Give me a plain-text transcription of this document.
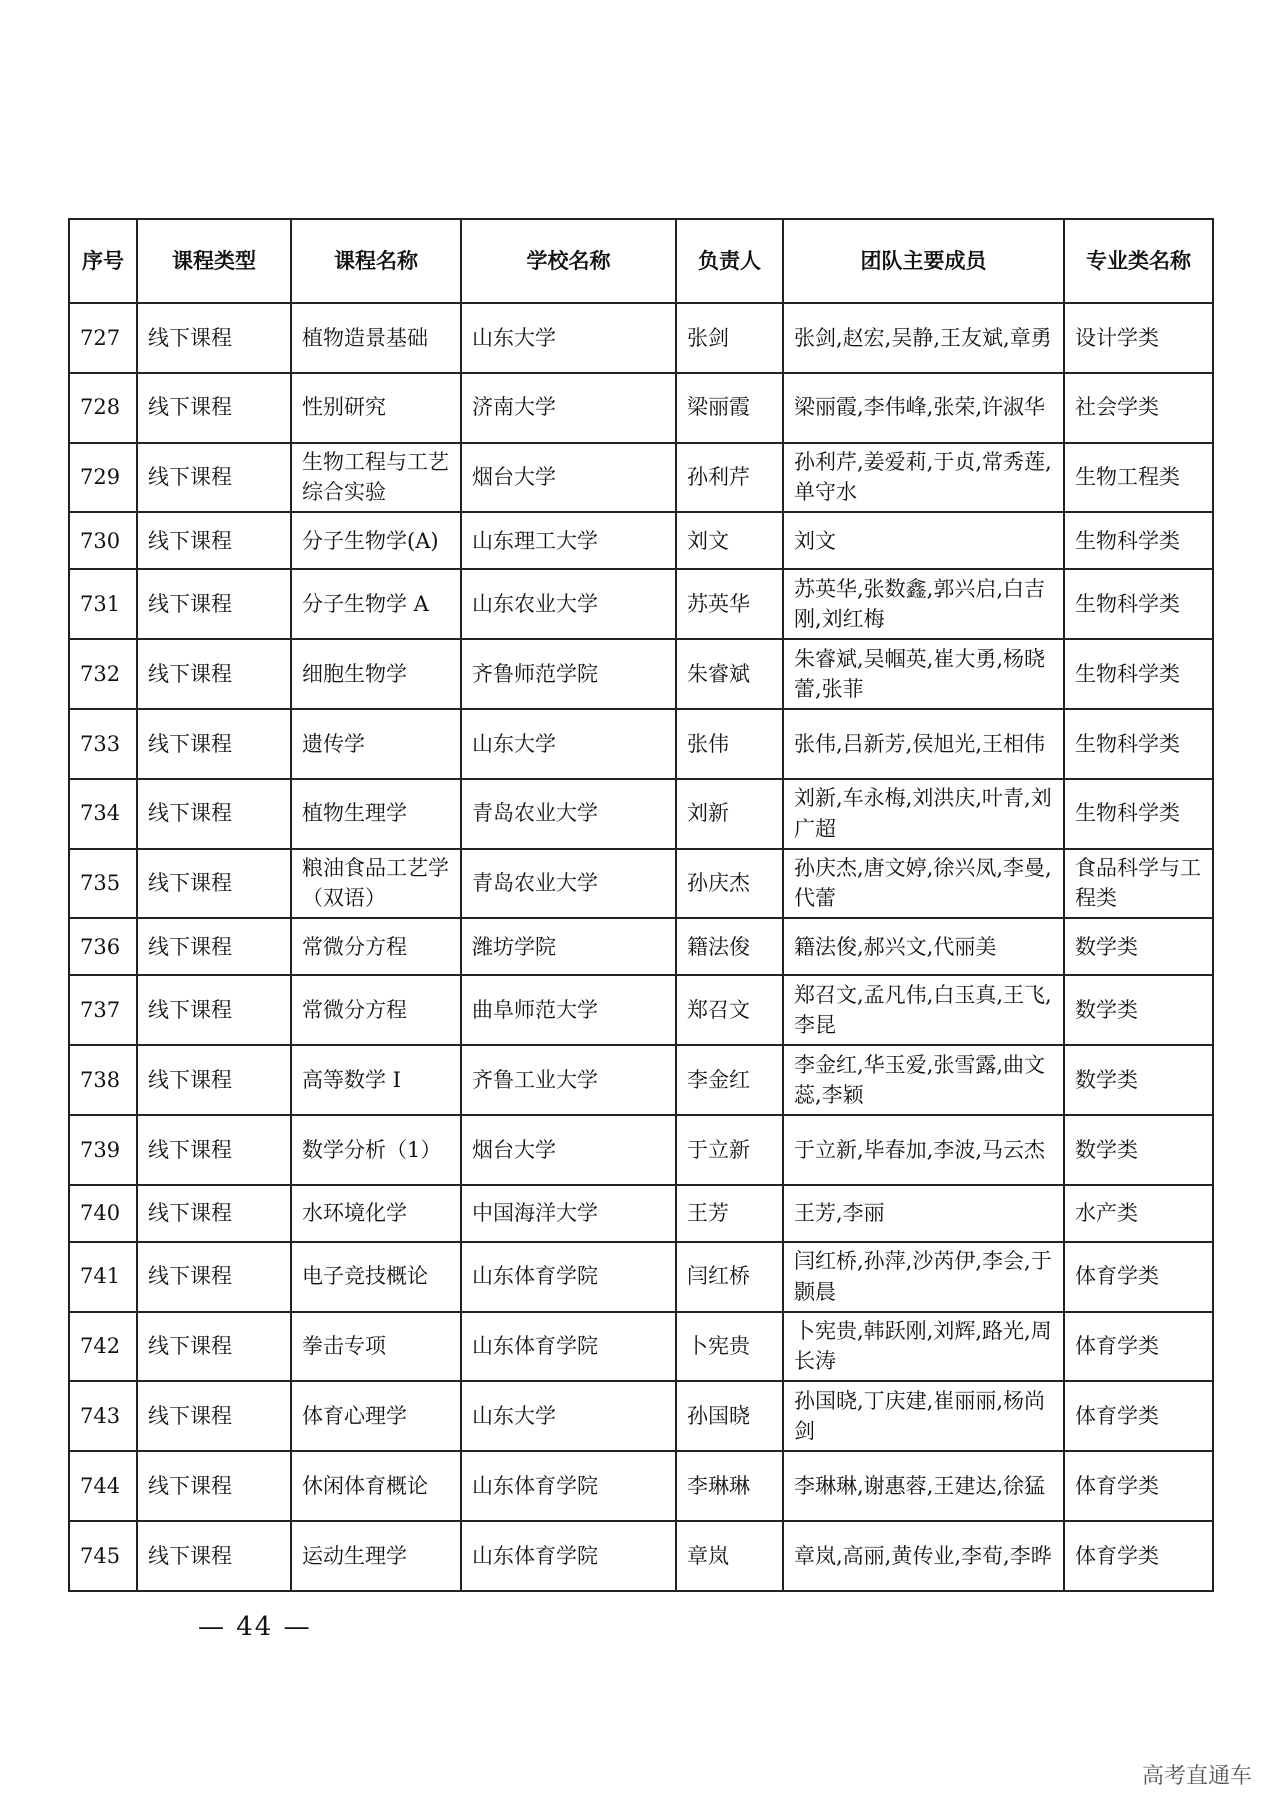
序号	课程类型	课程名称	学校名称	负责人	团队主要成员	专业类名称
727	线下课程	植物造景基础	山东大学	张剑	张剑,赵宏,吴静,王友斌,章勇	设计学类
728	线下课程	性别研究	济南大学	梁丽霞	梁丽霞,李伟峰,张荣,许淑华	社会学类
729	线下课程	生物工程与工艺综合实验	烟台大学	孙利芹	孙利芹,姜爱莉,于贞,常秀莲,单守水	生物工程类
730	线下课程	分子生物学(A)	山东理工大学	刘文	刘文	生物科学类
731	线下课程	分子生物学 A	山东农业大学	苏英华	苏英华,张数鑫,郭兴启,白吉刚,刘红梅	生物科学类
732	线下课程	细胞生物学	齐鲁师范学院	朱睿斌	朱睿斌,吴帼英,崔大勇,杨晓蕾,张菲	生物科学类
733	线下课程	遗传学	山东大学	张伟	张伟,吕新芳,侯旭光,王相伟	生物科学类
734	线下课程	植物生理学	青岛农业大学	刘新	刘新,车永梅,刘洪庆,叶青,刘广超	生物科学类
735	线下课程	粮油食品工艺学（双语）	青岛农业大学	孙庆杰	孙庆杰,唐文婷,徐兴凤,李曼,代蕾	食品科学与工程类
736	线下课程	常微分方程	潍坊学院	籍法俊	籍法俊,郝兴文,代丽美	数学类
737	线下课程	常微分方程	曲阜师范大学	郑召文	郑召文,孟凡伟,白玉真,王飞,李昆	数学类
738	线下课程	高等数学 I	齐鲁工业大学	李金红	李金红,华玉爱,张雪露,曲文蕊,李颖	数学类
739	线下课程	数学分析（1）	烟台大学	于立新	于立新,毕春加,李波,马云杰	数学类
740	线下课程	水环境化学	中国海洋大学	王芳	王芳,李丽	水产类
741	线下课程	电子竞技概论	山东体育学院	闫红桥	闫红桥,孙萍,沙芮伊,李会,于颢晨	体育学类
742	线下课程	拳击专项	山东体育学院	卜宪贵	卜宪贵,韩跃刚,刘辉,路光,周长涛	体育学类
743	线下课程	体育心理学	山东大学	孙国晓	孙国晓,丁庆建,崔丽丽,杨尚剑	体育学类
744	线下课程	休闲体育概论	山东体育学院	李琳琳	李琳琳,谢惠蓉,王建达,徐猛	体育学类
745	线下课程	运动生理学	山东体育学院	章岚	章岚,高丽,黄传业,李荀,李晔	体育学类
— 44 —
高考直通车
